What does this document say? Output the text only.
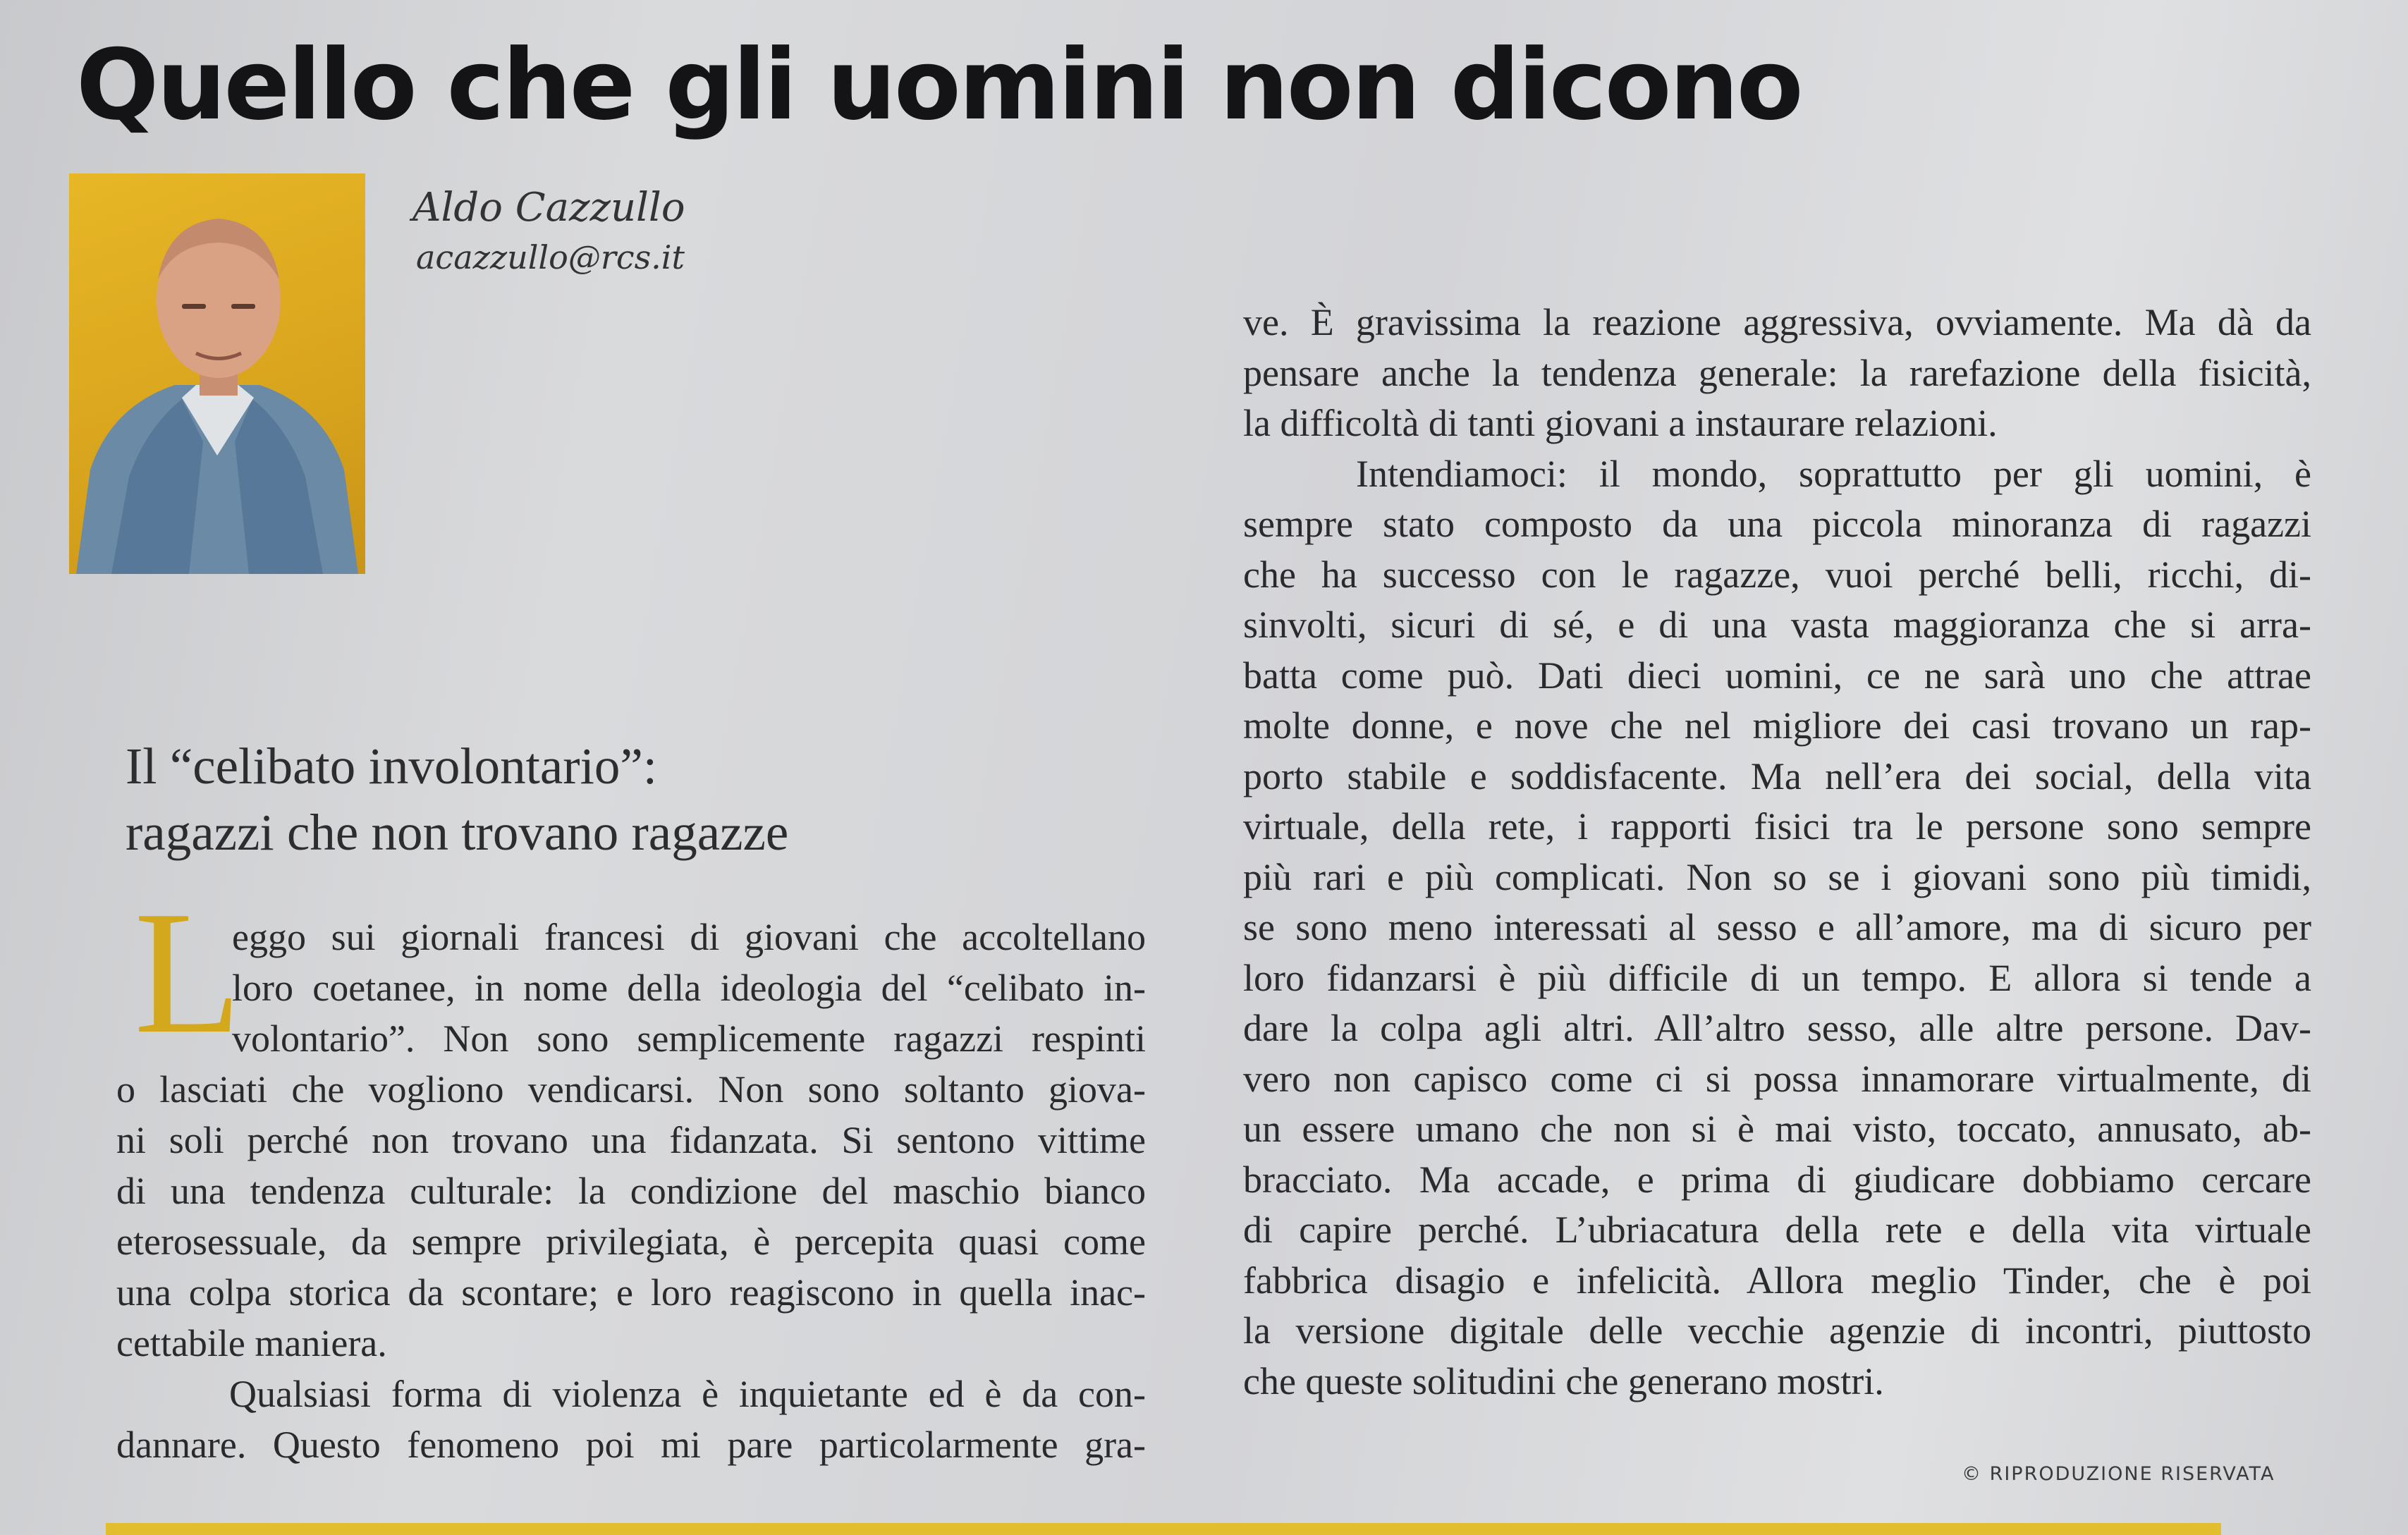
Quello che gli uomini non dicono
Aldo Cazzullo
acazzullo@rcs.it
Il “celibato involontario”:
ragazzi che non trovano ragazze
L

eggo sui giornali francesi di giovani che accoltellano

loro coetanee, in nome della ideologia del “celibato in-

volontario”. Non sono semplicemente ragazzi respinti

o lasciati che vogliono vendicarsi. Non sono soltanto giova-

ni soli perché non trovano una fidanzata. Si sentono vittime

di una tendenza culturale: la condizione del maschio bianco

eterosessuale, da sempre privilegiata, è percepita quasi come

una colpa storica da scontare; e loro reagiscono in quella inac-

cettabile maniera.

Qualsiasi forma di violenza è inquietante ed è da con-

dannare. Questo fenomeno poi mi pare particolarmente gra-

ve. È gravissima la reazione aggressiva, ovviamente. Ma dà da

pensare anche la tendenza generale: la rarefazione della fisicità,

la difficoltà di tanti giovani a instaurare relazioni.

Intendiamoci: il mondo, soprattutto per gli uomini, è

sempre stato composto da una piccola minoranza di ragazzi

che ha successo con le ragazze, vuoi perché belli, ricchi, di-

sinvolti, sicuri di sé, e di una vasta maggioranza che si arra-

batta come può. Dati dieci uomini, ce ne sarà uno che attrae

molte donne, e nove che nel migliore dei casi trovano un rap-

porto stabile e soddisfacente. Ma nell’era dei social, della vita

virtuale, della rete, i rapporti fisici tra le persone sono sempre

più rari e più complicati. Non so se i giovani sono più timidi,

se sono meno interessati al sesso e all’amore, ma di sicuro per

loro fidanzarsi è più difficile di un tempo. E allora si tende a

dare la colpa agli altri. All’altro sesso, alle altre persone. Dav-

vero non capisco come ci si possa innamorare virtualmente, di

un essere umano che non si è mai visto, toccato, annusato, ab-

bracciato. Ma accade, e prima di giudicare dobbiamo cercare

di capire perché. L’ubriacatura della rete e della vita virtuale

fabbrica disagio e infelicità. Allora meglio Tinder, che è poi

la versione digitale delle vecchie agenzie di incontri, piuttosto

che queste solitudini che generano mostri.

© RIPRODUZIONE RISERVATA
